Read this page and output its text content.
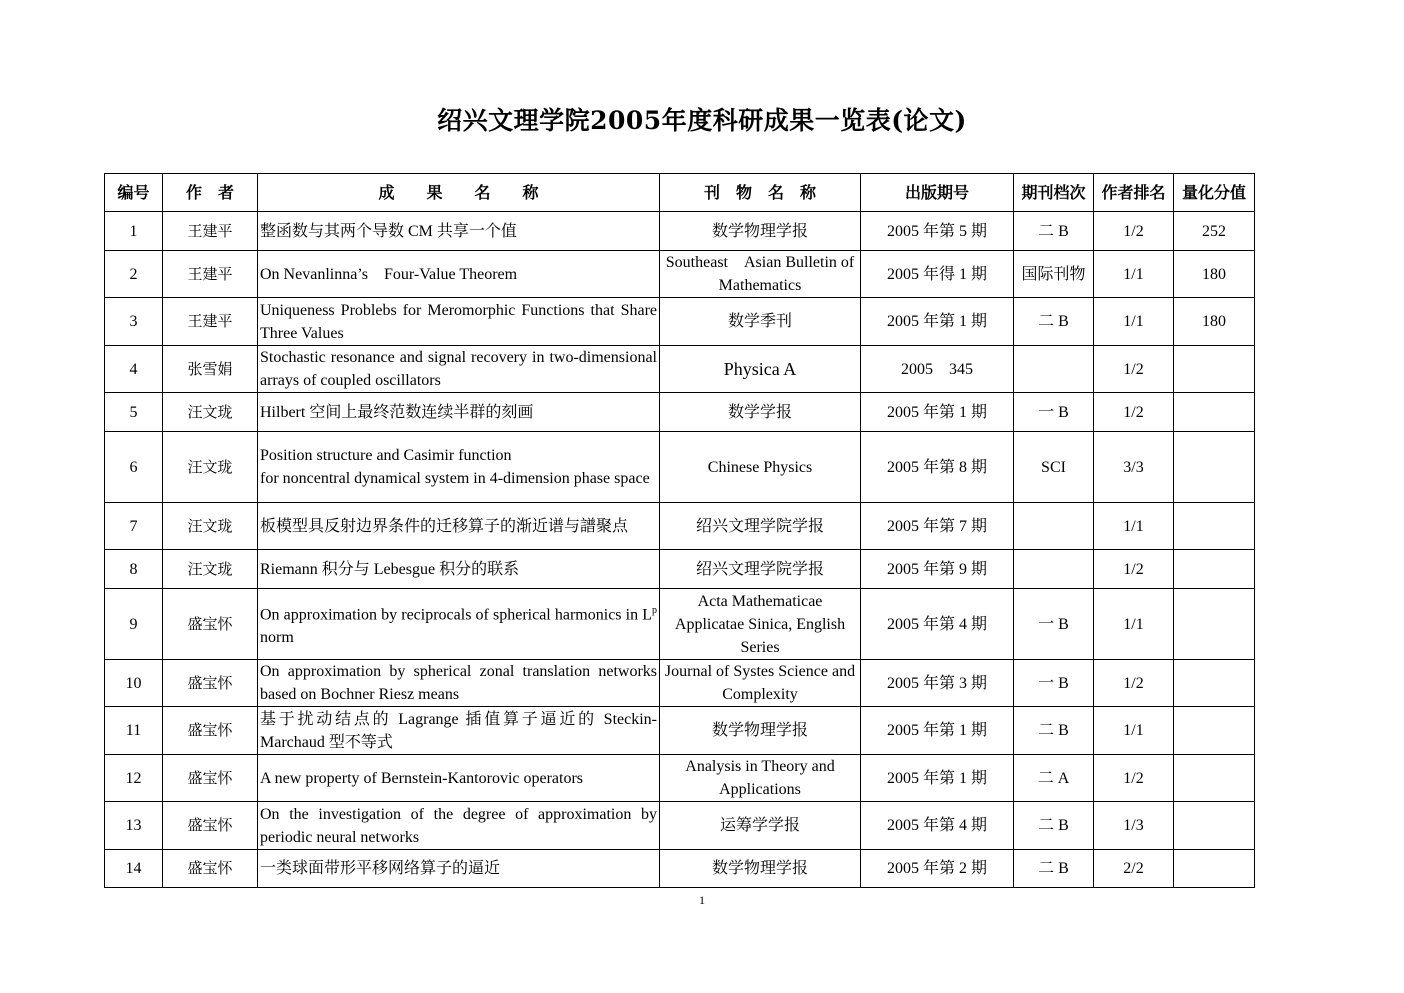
绍兴文理学院2005年度科研成果一览表(论文)
编号	作　者	成　　果　　名　　称	刊　物　名　称	出版期号	期刊档次	作者排名	量化分值
1	王建平	整函数与其两个导数 CM 共享一个值	数学物理学报	2005 年第 5 期	二 B	1/2	252
2	王建平	On Nevanlinna’s　Four-Value Theorem	Southeast　Asian Bulletin of　Mathematics	2005 年得 1 期	国际刊物	1/1	180
3	王建平	Uniqueness Problebs for Meromorphic Functions that Share Three Values	数学季刊	2005 年第 1 期	二 B	1/1	180
4	张雪娟	Stochastic resonance and signal recovery in two-dimensional arrays of coupled oscillators	Physica A	2005　345		1/2	
5	汪文珑	Hilbert 空间上最终范数连续半群的刻画	数学学报	2005 年第 1 期	一 B	1/2	
6	汪文珑	Position structure and Casimir function
for noncentral dynamical system in 4-dimension phase space	Chinese Physics	2005 年第 8 期	SCI	3/3	
7	汪文珑	板模型具反射边界条件的迁移算子的渐近谱与譜聚点	绍兴文理学院学报	2005 年第 7 期		1/1	
8	汪文珑	Riemann 积分与 Lebesgue 积分的联系	绍兴文理学院学报	2005 年第 9 期		1/2	
9	盛宝怀	On approximation by reciprocals of spherical harmonics in $L^p$ norm	Acta Mathematicae Applicatae Sinica, English Series	2005 年第 4 期	一 B	1/1	
10	盛宝怀	On approximation by spherical zonal translation networks based on Bochner Riesz means	Journal of Systes Science and Complexity	2005 年第 3 期	一 B	1/2	
11	盛宝怀	基于扰动结点的 Lagrange 插值算子逼近的 Steckin-Marchaud 型不等式	数学物理学报	2005 年第 1 期	二 B	1/1	
12	盛宝怀	A new property of Bernstein-Kantorovic operators	Analysis in Theory and Applications	2005 年第 1 期	二 A	1/2	
13	盛宝怀	On the investigation of the degree of approximation by periodic neural networks	运筹学学报	2005 年第 4 期	二 B	1/3	
14	盛宝怀	一类球面带形平移网络算子的逼近	数学物理学报	2005 年第 2 期	二 B	2/2	
1
